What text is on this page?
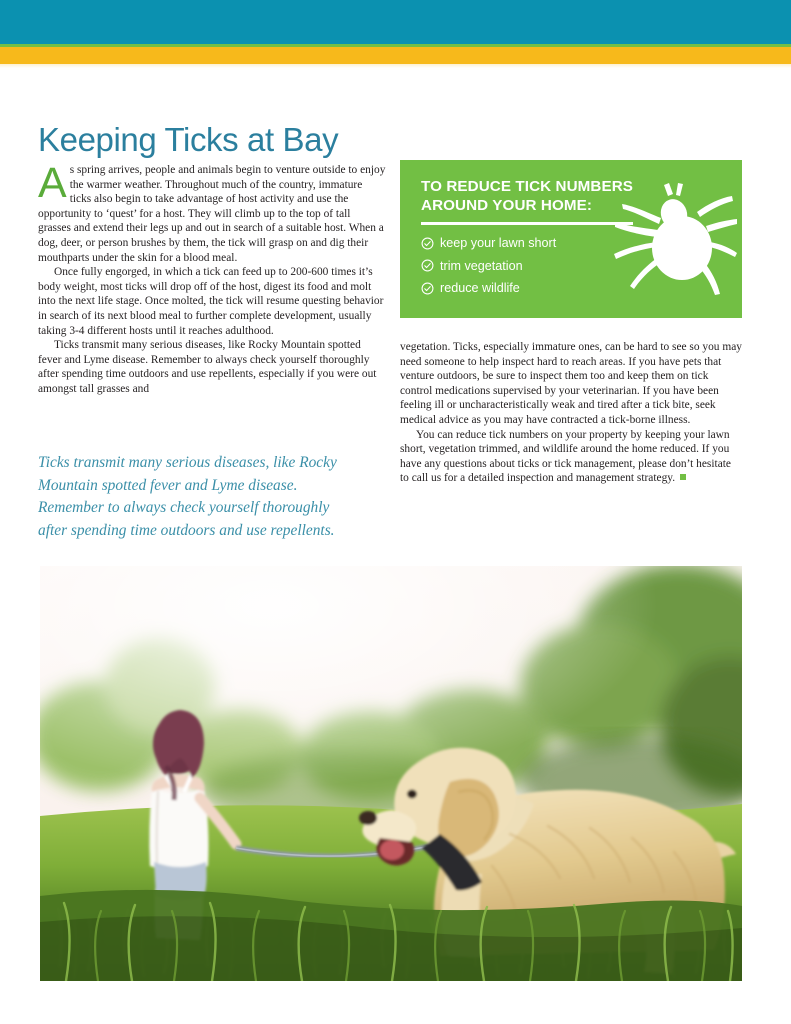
Keeping Ticks at Bay

As spring arrives, people and animals begin to venture outside to enjoy the warmer weather. Throughout much of the country, immature ticks also begin to take advantage of host activity and use the opportunity to ‘quest’ for a host. They will climb up to the top of tall grasses and extend their legs up and out in search of a suitable host. When a dog, deer, or person brushes by them, the tick will grasp on and dig their mouthparts under the skin for a blood meal.

Once fully engorged, in which a tick can feed up to 200-600 times it’s body weight, most ticks will drop off of the host, digest its food and molt into the next life stage. Once molted, the tick will resume questing behavior in search of its next blood meal to further complete development, usually taking 3-4 different hosts until it reaches adulthood.

Ticks transmit many serious diseases, like Rocky Mountain spotted fever and Lyme disease. Remember to always check yourself thoroughly after spending time outdoors and use repellents, especially if you were out amongst tall grasses and

Ticks transmit many serious diseases, like Rocky Mountain spotted fever and Lyme disease. Remember to always check yourself thoroughly after spending time outdoors and use repellents.
TO REDUCE TICK NUMBERS AROUND YOUR HOME:
keep your lawn short
trim vegetation
reduce wildlife

vegetation. Ticks, especially immature ones, can be hard to see so you may need someone to help inspect hard to reach areas. If you have pets that venture outdoors, be sure to inspect them too and keep them on tick control medications supervised by your veterinarian. If you have been feeling ill or uncharacteristically weak and tired after a tick bite, seek medical advice as you may have contracted a tick-borne illness.

You can reduce tick numbers on your property by keeping your lawn short, vegetation trimmed, and wildlife around the home reduced. If you have any questions about ticks or tick management, please don’t hesitate to call us for a detailed inspection and management strategy.
